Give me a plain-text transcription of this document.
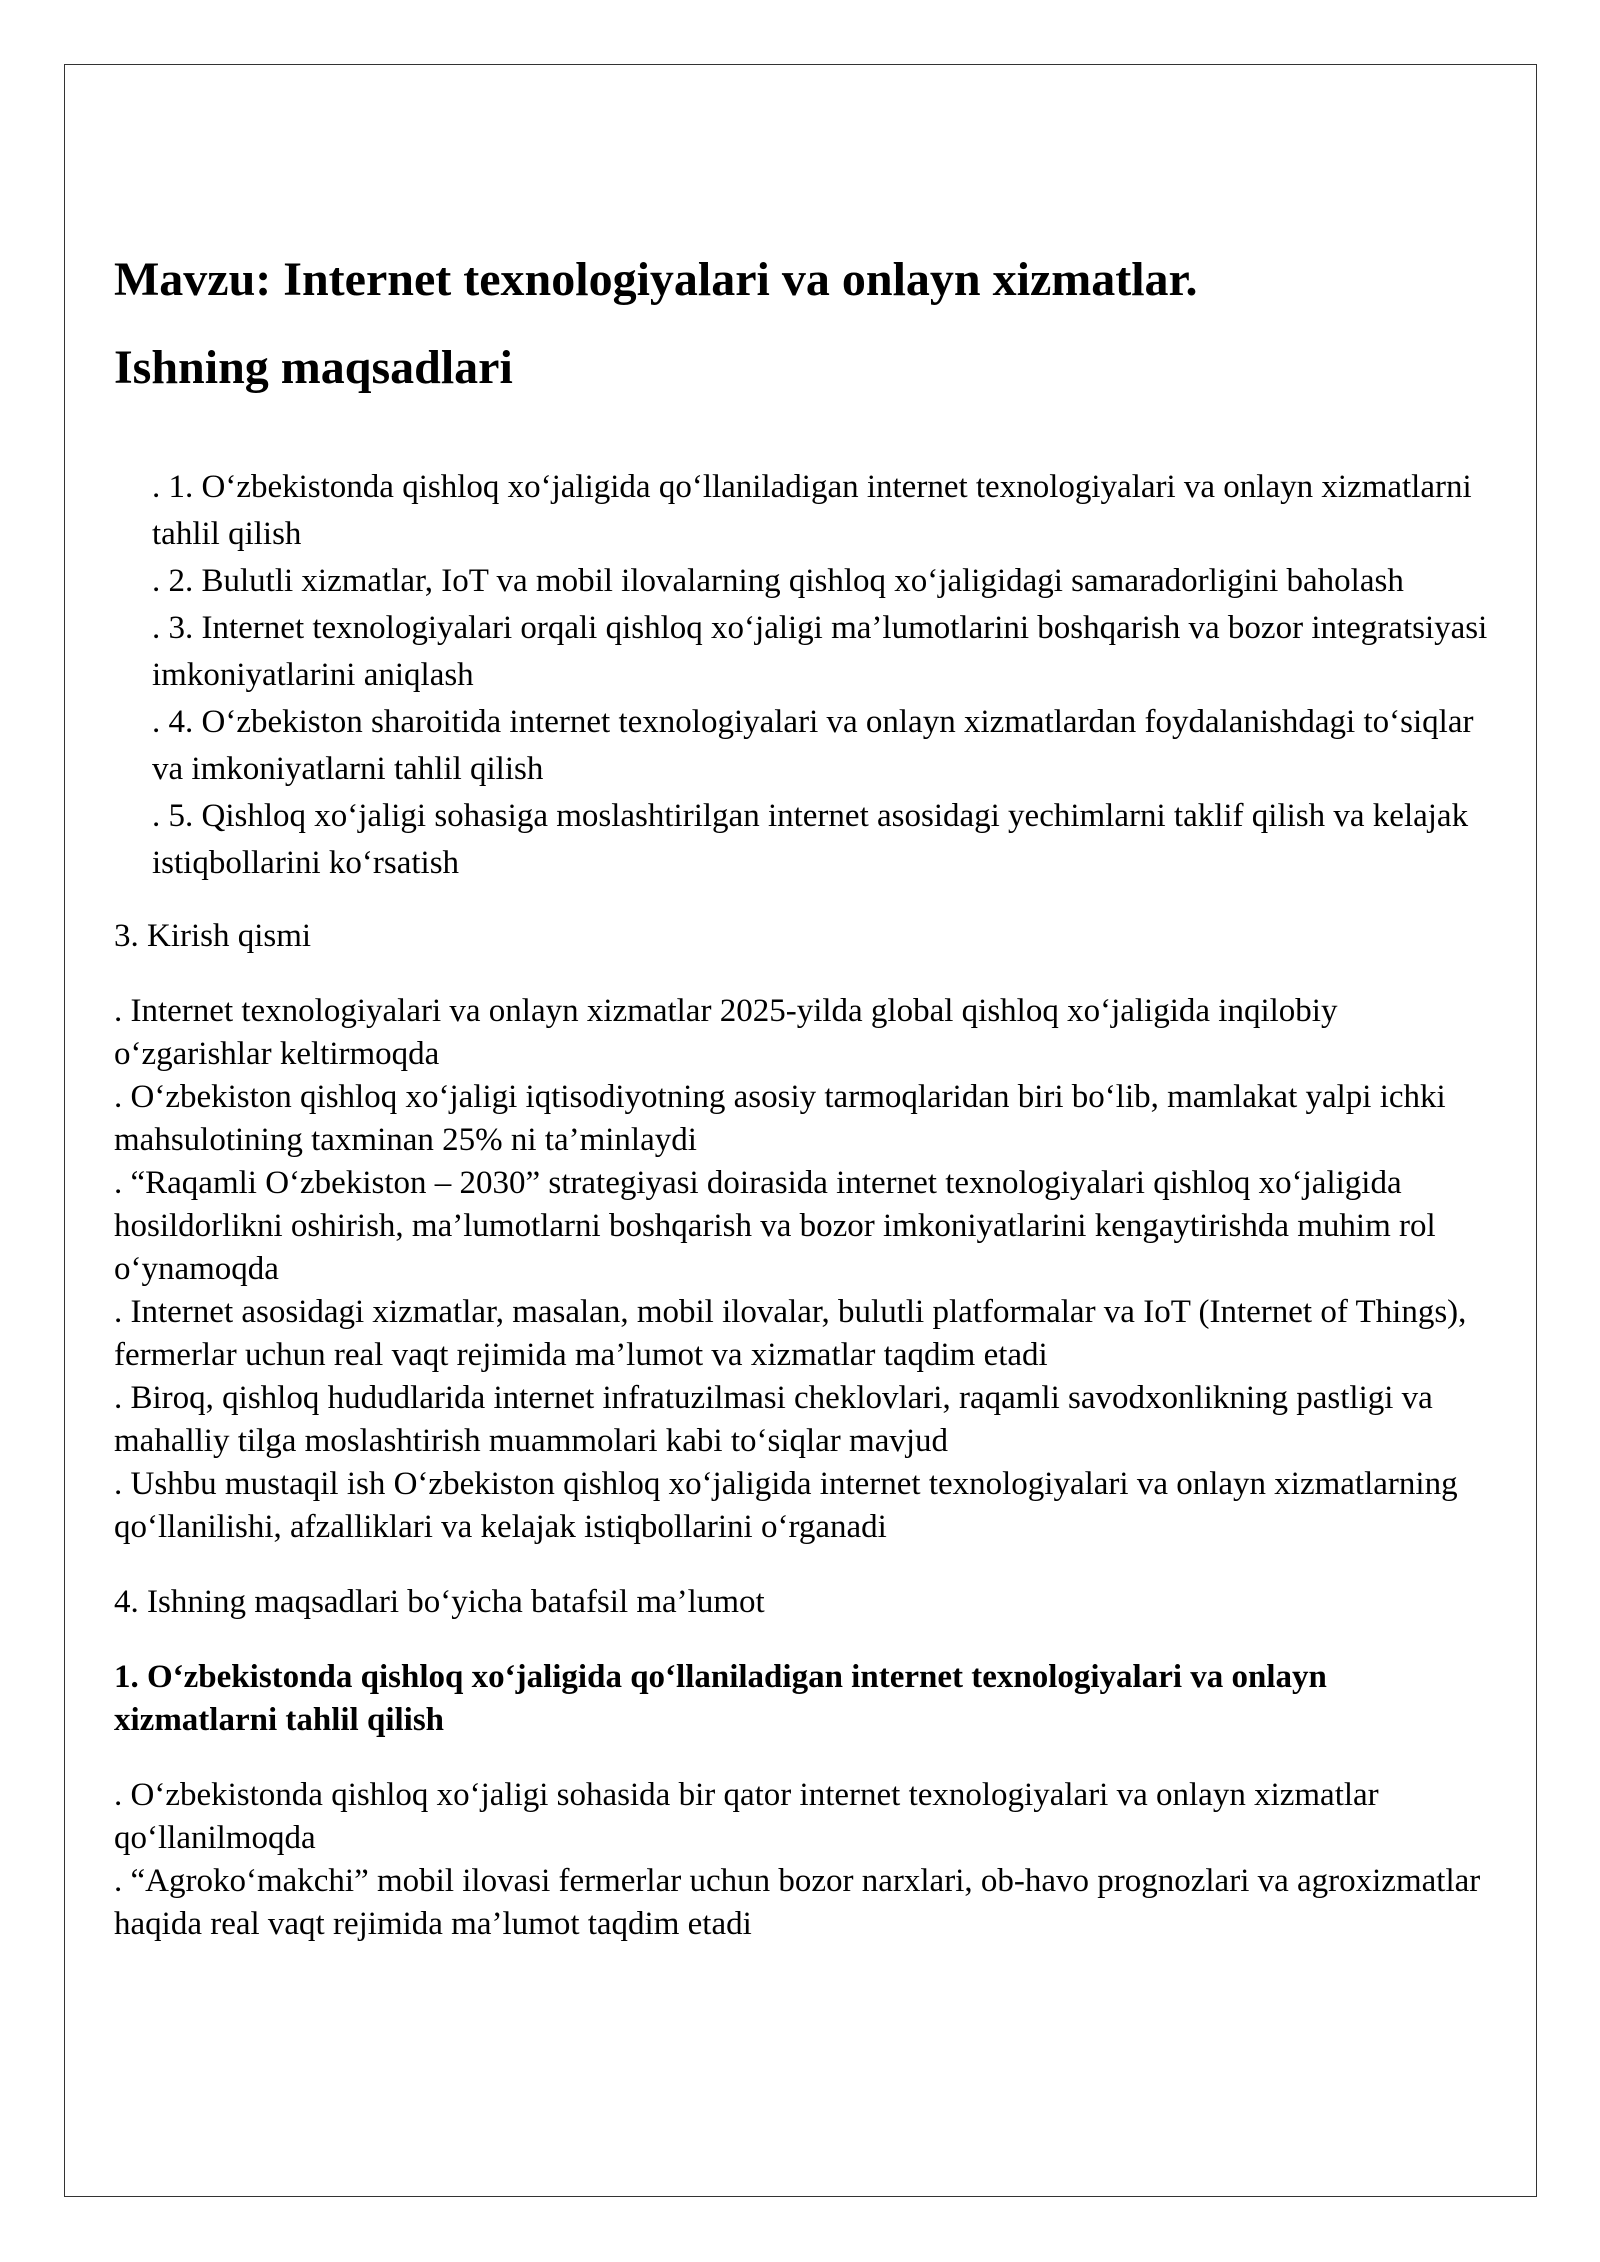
Mavzu: Internet texnologiyalari va onlayn xizmatlar.
Ishning maqsadlari

. 1. O‘zbekistonda qishloq xo‘jaligida qo‘llaniladigan internet texnologiyalari va onlayn xizmatlarni tahlil qilish

. 2. Bulutli xizmatlar, IoT va mobil ilovalarning qishloq xo‘jaligidagi samaradorligini baholash

. 3. Internet texnologiyalari orqali qishloq xo‘jaligi ma’lumotlarini boshqarish va bozor integratsiyasi imkoniyatlarini aniqlash

. 4. O‘zbekiston sharoitida internet texnologiyalari va onlayn xizmatlardan foydalanishdagi to‘siqlar va imkoniyatlarni tahlil qilish

. 5. Qishloq xo‘jaligi sohasiga moslashtirilgan internet asosidagi yechimlarni taklif qilish va kelajak istiqbollarini ko‘rsatish

3. Kirish qismi

. Internet texnologiyalari va onlayn xizmatlar 2025-yilda global qishloq xo‘jaligida inqilobiy o‘zgarishlar keltirmoqda

. O‘zbekiston qishloq xo‘jaligi iqtisodiyotning asosiy tarmoqlaridan biri bo‘lib, mamlakat yalpi ichki mahsulotining taxminan 25% ni ta’minlaydi

. “Raqamli O‘zbekiston – 2030” strategiyasi doirasida internet texnologiyalari qishloq xo‘jaligida hosildorlikni oshirish, ma’lumotlarni boshqarish va bozor imkoniyatlarini kengaytirishda muhim rol o‘ynamoqda

. Internet asosidagi xizmatlar, masalan, mobil ilovalar, bulutli platformalar va IoT (Internet of Things), fermerlar uchun real vaqt rejimida ma’lumot va xizmatlar taqdim etadi

. Biroq, qishloq hududlarida internet infratuzilmasi cheklovlari, raqamli savodxonlikning pastligi va mahalliy tilga moslashtirish muammolari kabi to‘siqlar mavjud

. Ushbu mustaqil ish O‘zbekiston qishloq xo‘jaligida internet texnologiyalari va onlayn xizmatlarning qo‘llanilishi, afzalliklari va kelajak istiqbollarini o‘rganadi

4. Ishning maqsadlari bo‘yicha batafsil ma’lumot

1. O‘zbekistonda qishloq xo‘jaligida qo‘llaniladigan internet texnologiyalari va onlayn xizmatlarni tahlil qilish

. O‘zbekistonda qishloq xo‘jaligi sohasida bir qator internet texnologiyalari va onlayn xizmatlar qo‘llanilmoqda

. “Agroko‘makchi” mobil ilovasi fermerlar uchun bozor narxlari, ob-havo prognozlari va agroxizmatlar haqida real vaqt rejimida ma’lumot taqdim etadi
